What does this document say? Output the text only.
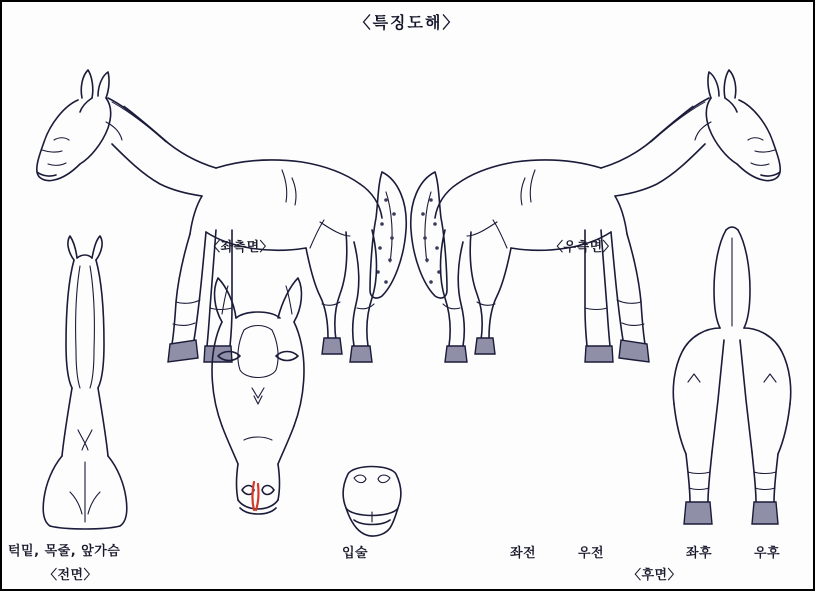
〈특징도해〉
〈좌측면〉	〈우측면〉
턱밑, 목줄, 앞가슴
〈전면〉
입술	좌전	우전	좌후	우후
〈후면〉
